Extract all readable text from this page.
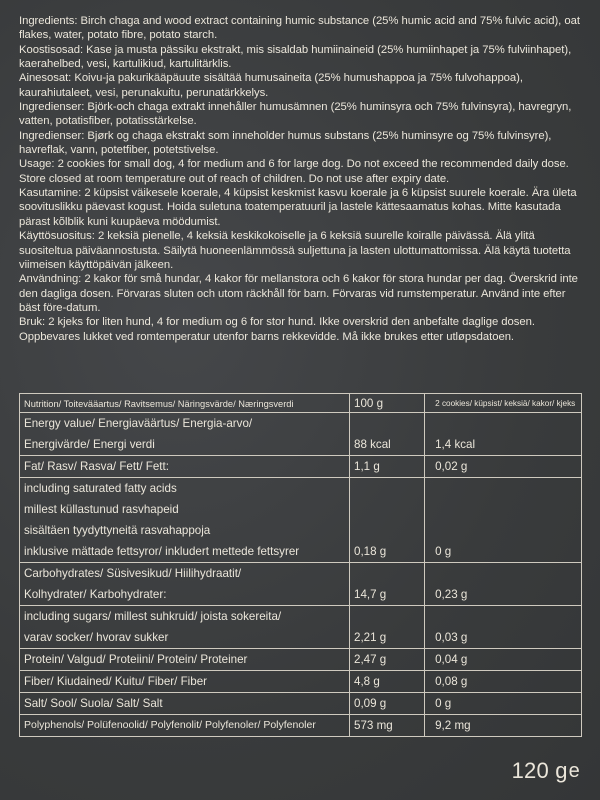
Ingredients: Birch chaga and wood extract containing humic substance (25% humic acid and 75% fulvic acid), oat flakes, water, potato fibre, potato starch.

Koostisosad: Kase ja musta pässiku ekstrakt, mis sisaldab humiinaineid (25% humiinhapet ja 75% fulviinhapet), kaerahelbed, vesi, kartulikiud, kartulitärklis.

Ainesosat: Koivu-ja pakurikääpäuute sisältää humusaineita (25% humushappoa ja 75% fulvohappoa), kaurahiutaleet, vesi, perunakuitu, perunatärkkelys.

Ingredienser: Björk-och chaga extrakt innehåller humusämnen (25% huminsyra och 75% fulvinsyra), havregryn, vatten, potatisfiber, potatisstärkelse.

Ingredienser: Bjørk og chaga ekstrakt som inneholder humus substans (25% huminsyre og 75% fulvinsyre), havreflak, vann, potetfiber, potetstivelse.

Usage: 2 cookies for small dog, 4 for medium and 6 for large dog. Do not exceed the recommended daily dose. Store closed at room temperature out of reach of children. Do not use after expiry date.

Kasutamine: 2 küpsist väikesele koerale, 4 küpsist keskmist kasvu koerale ja 6 küpsist suurele koerale. Ära ületa soovituslikku päevast kogust. Hoida suletuna toatemperatuuril ja lastele kättesaamatus kohas. Mitte kasutada pärast kõlblik kuni kuupäeva möödumist.

Käyttösuositus: 2 keksiä pienelle, 4 keksiä keskikokoiselle ja 6 keksiä suurelle koiralle päivässä. Älä ylitä suositeltua päiväannostusta. Säilytä huoneenlämmössä suljettuna ja lasten ulottumattomissa. Älä käytä tuotetta viimeisen käyttöpäivän jälkeen.

Användning: 2 kakor för små hundar, 4 kakor för mellanstora och 6 kakor för stora hundar per dag. Överskrid inte den dagliga dosen. Förvaras sluten och utom räckhåll för barn. Förvaras vid rumstemperatur. Använd inte efter bäst före-datum.

Bruk: 2 kjeks for liten hund, 4 for medium og 6 for stor hund. Ikke overskrid den anbefalte daglige dosen. Oppbevares lukket ved romtemperatur utenfor barns rekkevidde. Må ikke brukes etter utløpsdatoen.

Nutrition/ Toitevääartus/ Ravitsemus/ Näringsvärde/ Næringsverdi	100 g	2 cookies/ küpsist/ keksiä/ kakor/ kjeks

Energy value/ Energiaväärtus/ Energia-arvo/
Energivärde/ Energi verdi	88 kcal	1,4 kcal

Fat/ Rasv/ Rasva/ Fett/ Fett:	1,1 g	0,02 g

including saturated fatty acids
millest küllastunud rasvhapeid
sisältäen tyydyttyneitä rasvahappoja
inklusive mättade fettsyror/ inkludert mettede fettsyrer	0,18 g	0 g

Carbohydrates/ Süsivesikud/ Hiilihydraatit/
Kolhydrater/ Karbohydrater:	14,7 g	0,23 g

including sugars/ millest suhkruid/ joista sokereita/
varav socker/ hvorav sukker	2,21 g	0,03 g

Protein/ Valgud/ Proteiini/ Protein/ Proteiner	2,47 g	0,04 g

Fiber/ Kiudained/ Kuitu/ Fiber/ Fiber	4,8 g	0,08 g

Salt/ Sool/ Suola/ Salt/ Salt	0,09 g	0 g

Polyphenols/ Polüfenoolid/ Polyfenolit/ Polyfenoler/ Polyfenoler	573 mg	9,2 mg
120 g e
